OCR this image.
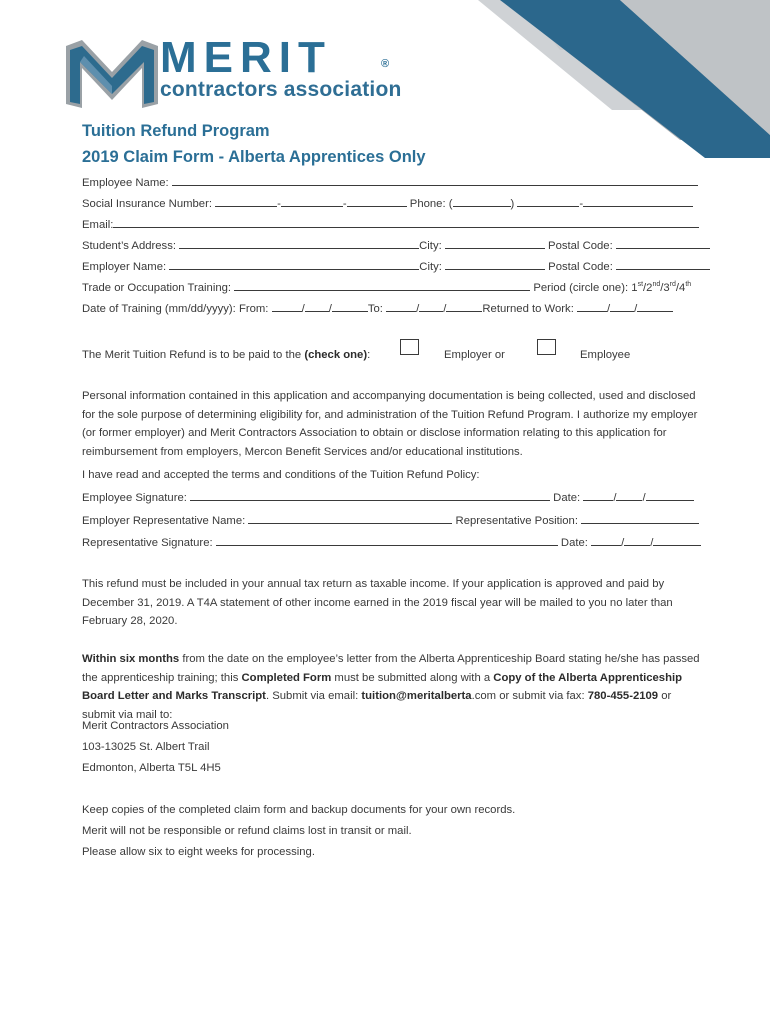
MERIT	®
contractors association
Tuition Refund Program
2019 Claim Form - Alberta Apprentices Only
Employee Name:
Social Insurance Number:	-	-	Phone: (	)	-
Email:
Student’s Address:	City:	Postal Code:
Employer Name:	City:	Postal Code:
Trade or Occupation Training:	Period (circle one): 1st/2nd/3rd/4th
Date of Training (mm/dd/yyyy): From:	/ /	To:	/ /	Returned to Work:	/ /
The Merit Tuition Refund is to be paid to the (check one):	Employer or	Employee
Personal information contained in this application and accompanying documentation is being collected, used and disclosed for the sole purpose of determining eligibility for, and administration of the Tuition Refund Program. I authorize my employer (or former employer) and Merit Contractors Association to obtain or disclose information relating to this application for reimbursement from employers, Mercon Benefit Services and/or educational institutions.
I have read and accepted the terms and conditions of the Tuition Refund Policy:
Employee Signature:	Date:	/ /
Employer Representative Name:	Representative Position:
Representative Signature:	Date:	/ /
This refund must be included in your annual tax return as taxable income. If your application is approved and paid by December 31, 2019. A T4A statement of other income earned in the 2019 fiscal year will be mailed to you no later than February 28, 2020.
Within six months from the date on the employee’s letter from the Alberta Apprenticeship Board stating he/she has passed the apprenticeship training; this Completed Form must be submitted along with a Copy of the Alberta Apprenticeship Board Letter and Marks Transcript. Submit via email: tuition@meritalberta.com or submit via fax: 780-455-2109 or submit via mail to:
Merit Contractors Association
103-13025 St. Albert Trail
Edmonton, Alberta T5L 4H5
Keep copies of the completed claim form and backup documents for your own records.
Merit will not be responsible or refund claims lost in transit or mail.
Please allow six to eight weeks for processing.
